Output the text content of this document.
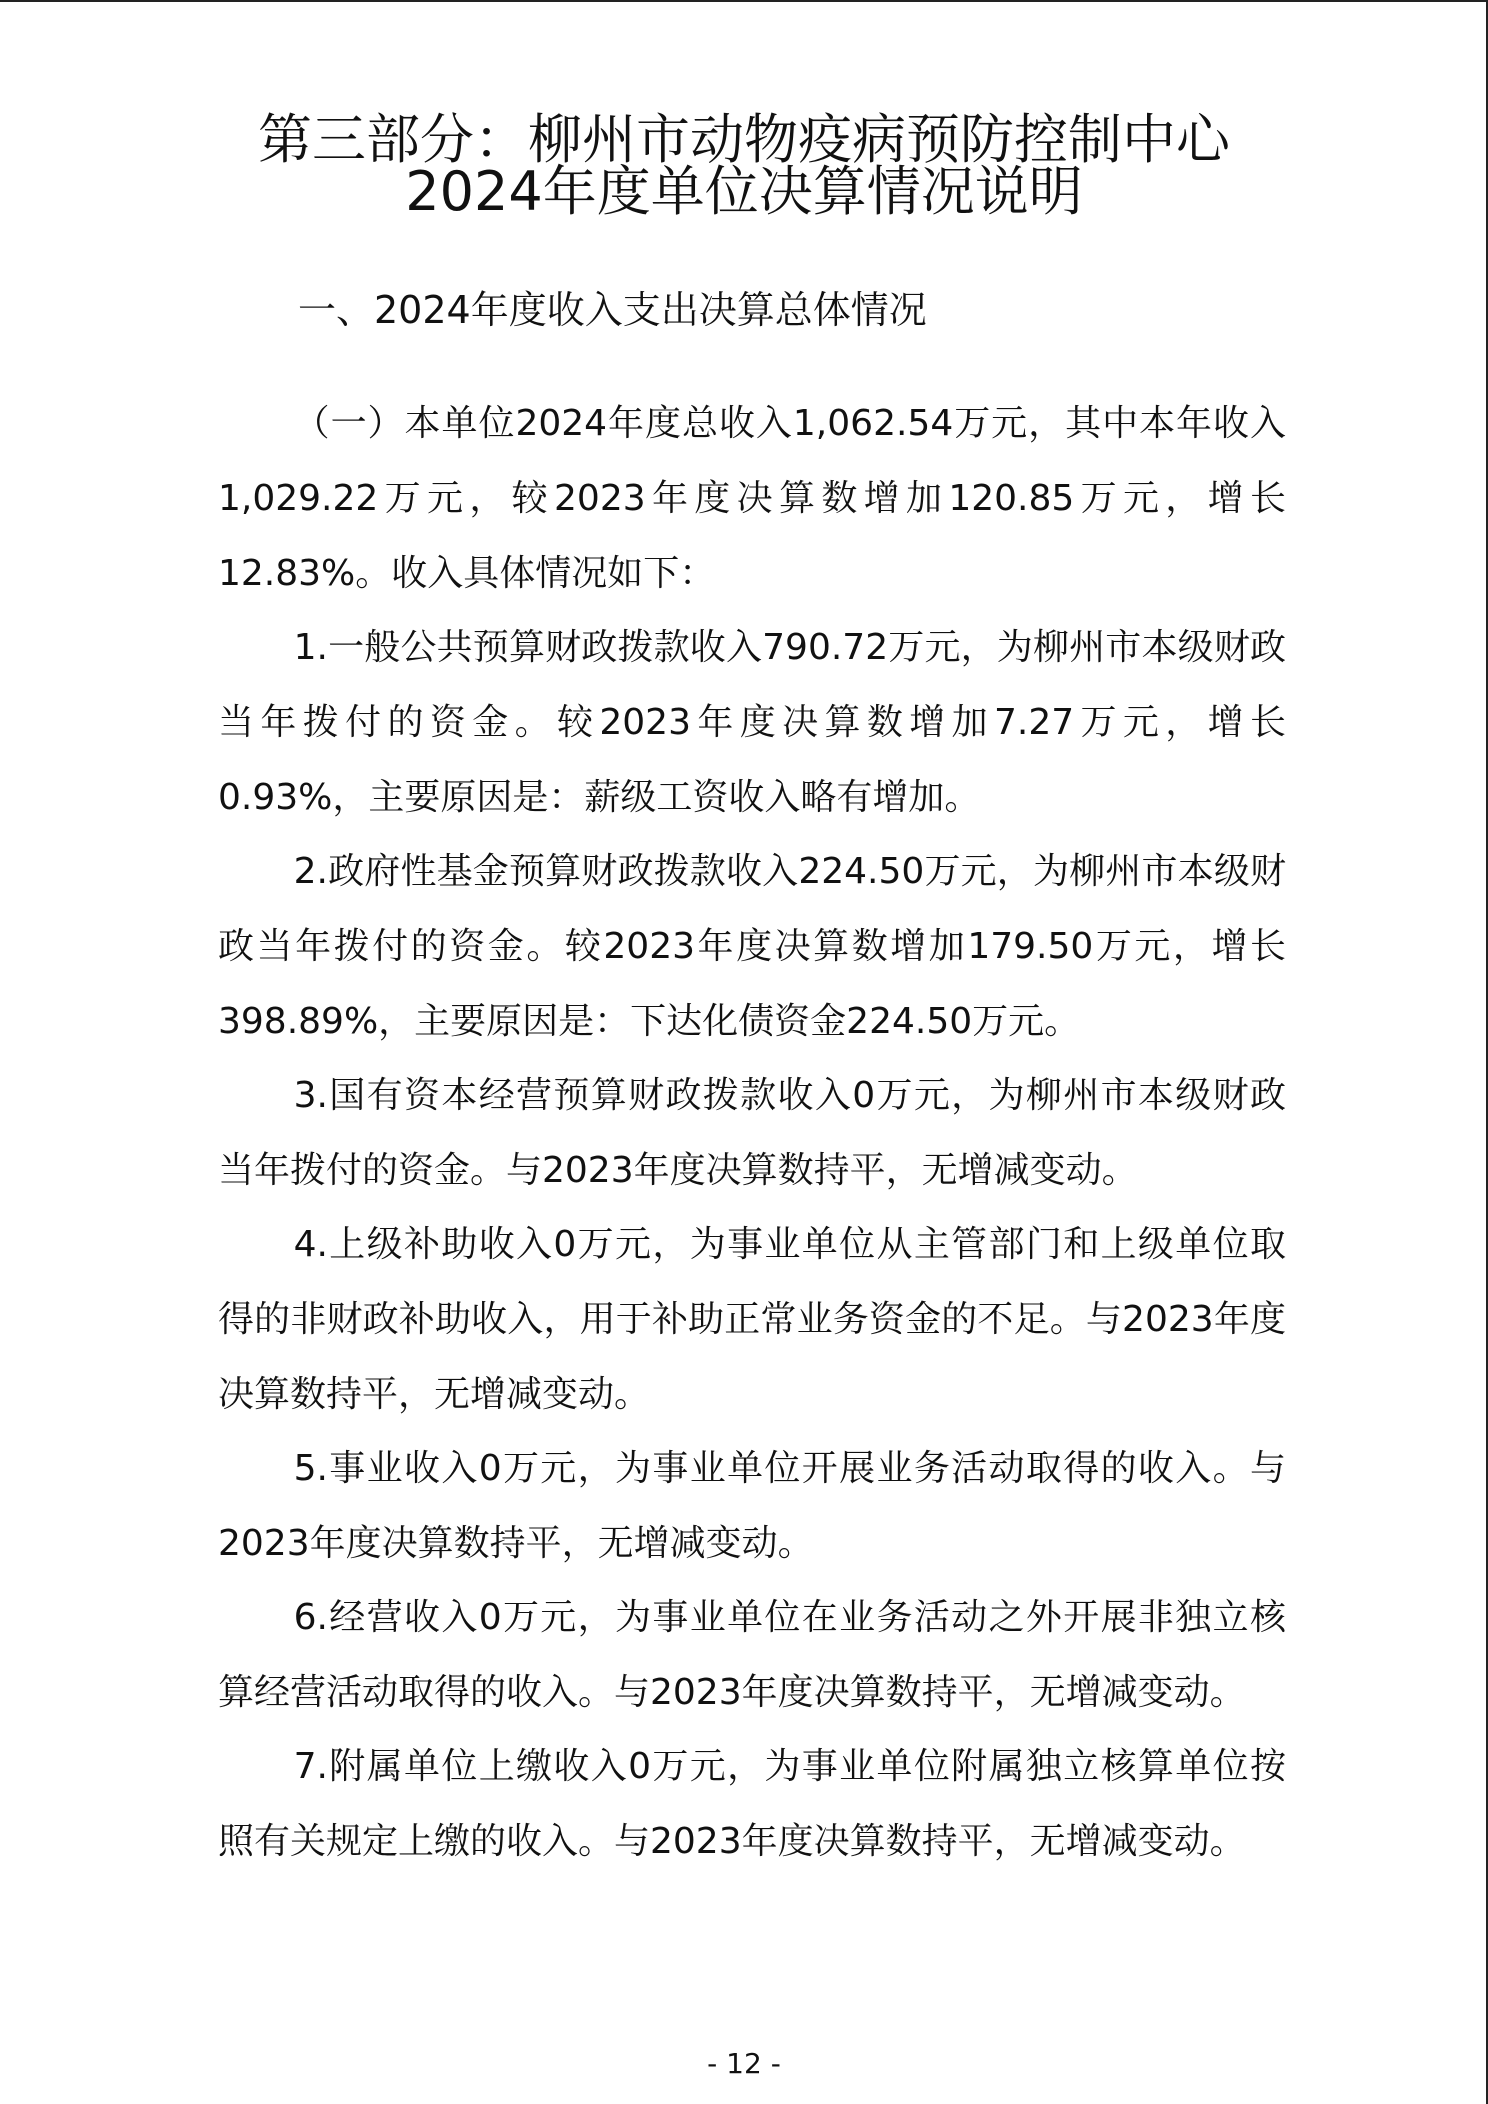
第三部分：柳州市动物疫病预防控制中心
2024年度单位决算情况说明
一、2024年度收入支出决算总体情况

（一）本单位2024年度总收入1,062.54万元，其中本年收入1,029.22万元，较2023年度决算数增加120.85万元，增长12.83%。收入具体情况如下：

1.一般公共预算财政拨款收入790.72万元，为柳州市本级财政当年拨付的资金。较2023年度决算数增加7.27万元，增长0.93%，主要原因是：薪级工资收入略有增加。

2.政府性基金预算财政拨款收入224.50万元，为柳州市本级财政当年拨付的资金。较2023年度决算数增加179.50万元，增长398.89%，主要原因是：下达化债资金224.50万元。

3.国有资本经营预算财政拨款收入0万元，为柳州市本级财政当年拨付的资金。与2023年度决算数持平，无增减变动。

4.上级补助收入0万元，为事业单位从主管部门和上级单位取得的非财政补助收入，用于补助正常业务资金的不足。与2023年度决算数持平，无增减变动。

5.事业收入0万元，为事业单位开展业务活动取得的收入。与2023年度决算数持平，无增减变动。

6.经营收入0万元，为事业单位在业务活动之外开展非独立核算经营活动取得的收入。与2023年度决算数持平，无增减变动。

7.附属单位上缴收入0万元，为事业单位附属独立核算单位按照有关规定上缴的收入。与2023年度决算数持平，无增减变动。

- 12 -
